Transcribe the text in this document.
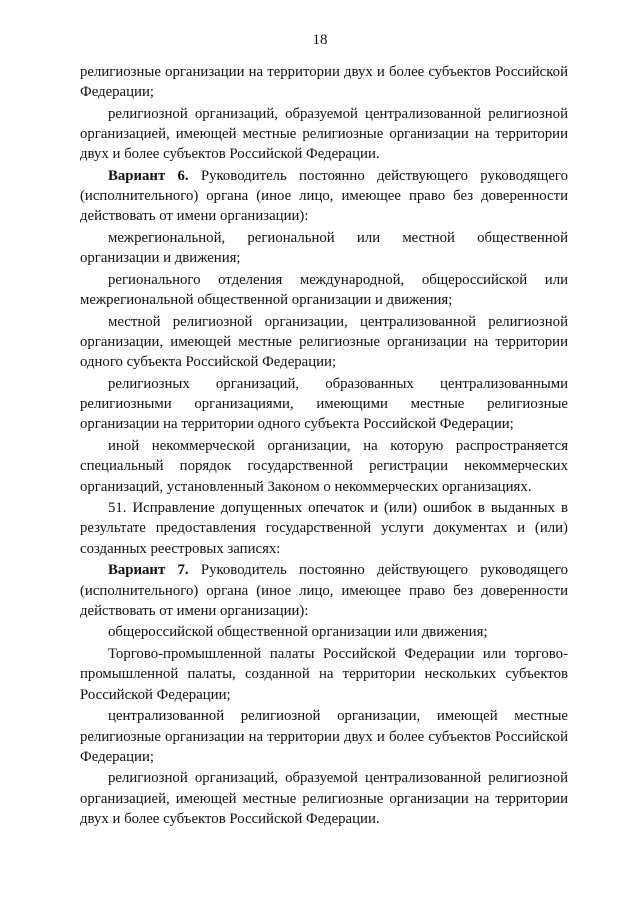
18

религиозные организации на территории двух и более субъектов Российской Федерации;

религиозной организаций, образуемой централизованной религиозной организацией, имеющей местные религиозные организации на территории двух и более субъектов Российской Федерации.

Вариант 6. Руководитель постоянно действующего руководящего (исполнительного) органа (иное лицо, имеющее право без доверенности действовать от имени организации):

межрегиональной, региональной или местной общественной организации и движения;

регионального отделения международной, общероссийской или межрегиональной общественной организации и движения;

местной религиозной организации, централизованной религиозной организации, имеющей местные религиозные организации на территории одного субъекта Российской Федерации;

религиозных организаций, образованных централизованными религиозными организациями, имеющими местные религиозные организации на территории одного субъекта Российской Федерации;

иной некоммерческой организации, на которую распространяется специальный порядок государственной регистрации некоммерческих организаций, установленный Законом о некоммерческих организациях.

51. Исправление допущенных опечаток и (или) ошибок в выданных в результате предоставления государственной услуги документах и (или) созданных реестровых записях:

Вариант 7. Руководитель постоянно действующего руководящего (исполнительного) органа (иное лицо, имеющее право без доверенности действовать от имени организации):

общероссийской общественной организации или движения;

Торгово-промышленной палаты Российской Федерации или торгово-промышленной палаты, созданной на территории нескольких субъектов Российской Федерации;

централизованной религиозной организации, имеющей местные религиозные организации на территории двух и более субъектов Российской Федерации;

религиозной организаций, образуемой централизованной религиозной организацией, имеющей местные религиозные организации на территории двух и более субъектов Российской Федерации.
